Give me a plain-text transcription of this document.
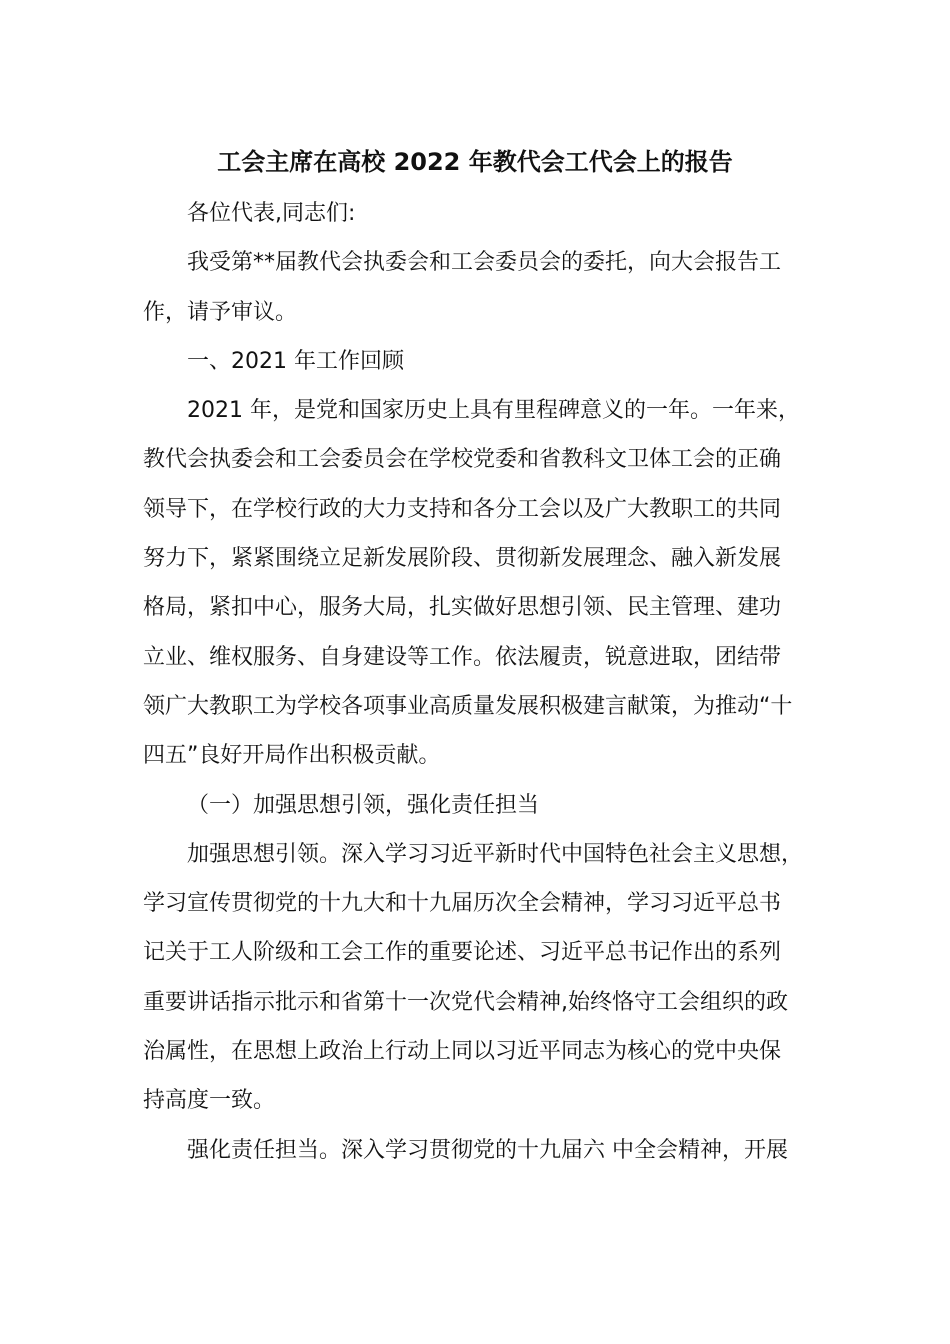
工会主席在高校 2022 年教代会工代会上的报告
各位代表,同志们:
我受第**届教代会执委会和工会委员会的委托，向大会报告工
作，请予审议。
一、2021 年工作回顾
2021 年，是党和国家历史上具有里程碑意义的一年。一年来，
教代会执委会和工会委员会在学校党委和省教科文卫体工会的正确
领导下，在学校行政的大力支持和各分工会以及广大教职工的共同
努力下，紧紧围绕立足新发展阶段、贯彻新发展理念、融入新发展
格局，紧扣中心，服务大局，扎实做好思想引领、民主管理、建功
立业、维权服务、自身建设等工作。依法履责，锐意进取，团结带
领广大教职工为学校各项事业高质量发展积极建言献策，为推动“十
四五”良好开局作出积极贡献。
（一）加强思想引领，强化责任担当
加强思想引领。深入学习习近平新时代中国特色社会主义思想，
学习宣传贯彻党的十九大和十九届历次全会精神，学习习近平总书
记关于工人阶级和工会工作的重要论述、习近平总书记作出的系列
重要讲话指示批示和省第十一次党代会精神,始终恪守工会组织的政
治属性，在思想上政治上行动上同以习近平同志为核心的党中央保
持高度一致。
强化责任担当。深入学习贯彻党的十九届六 中全会精神，开展
